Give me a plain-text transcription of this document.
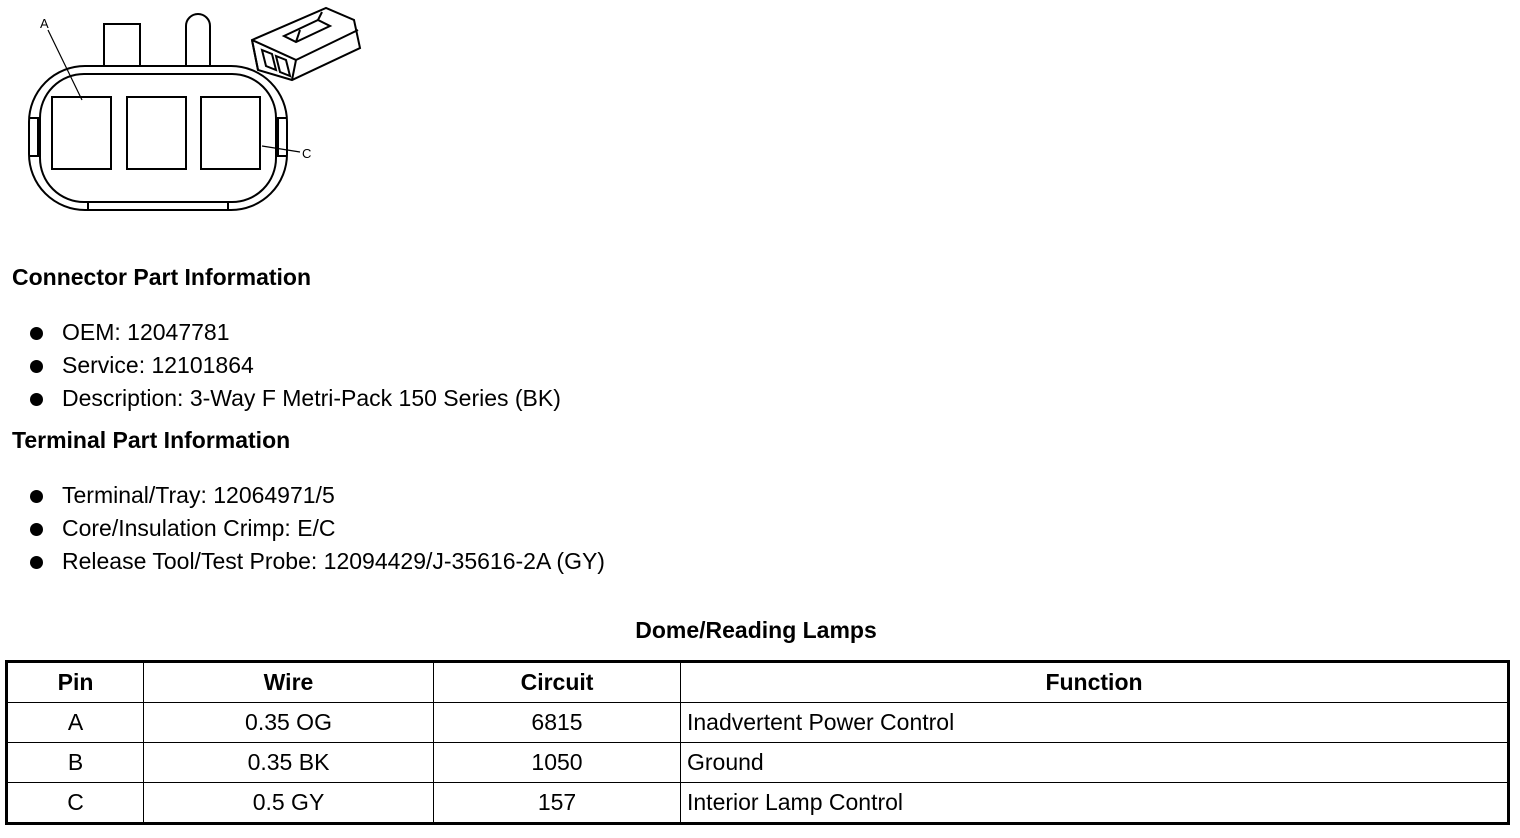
A
C
Connector Part Information
OEM: 12047781
Service: 12101864
Description: 3-Way F Metri-Pack 150 Series (BK)
Terminal Part Information
Terminal/Tray: 12064971/5
Core/Insulation Crimp: E/C
Release Tool/Test Probe: 12094429/J-35616-2A (GY)
Dome/Reading Lamps
Pin	Wire	Circuit	Function
A	0.35 OG	6815	Inadvertent Power Control
B	0.35 BK	1050	Ground
C	0.5 GY	157	Interior Lamp Control
